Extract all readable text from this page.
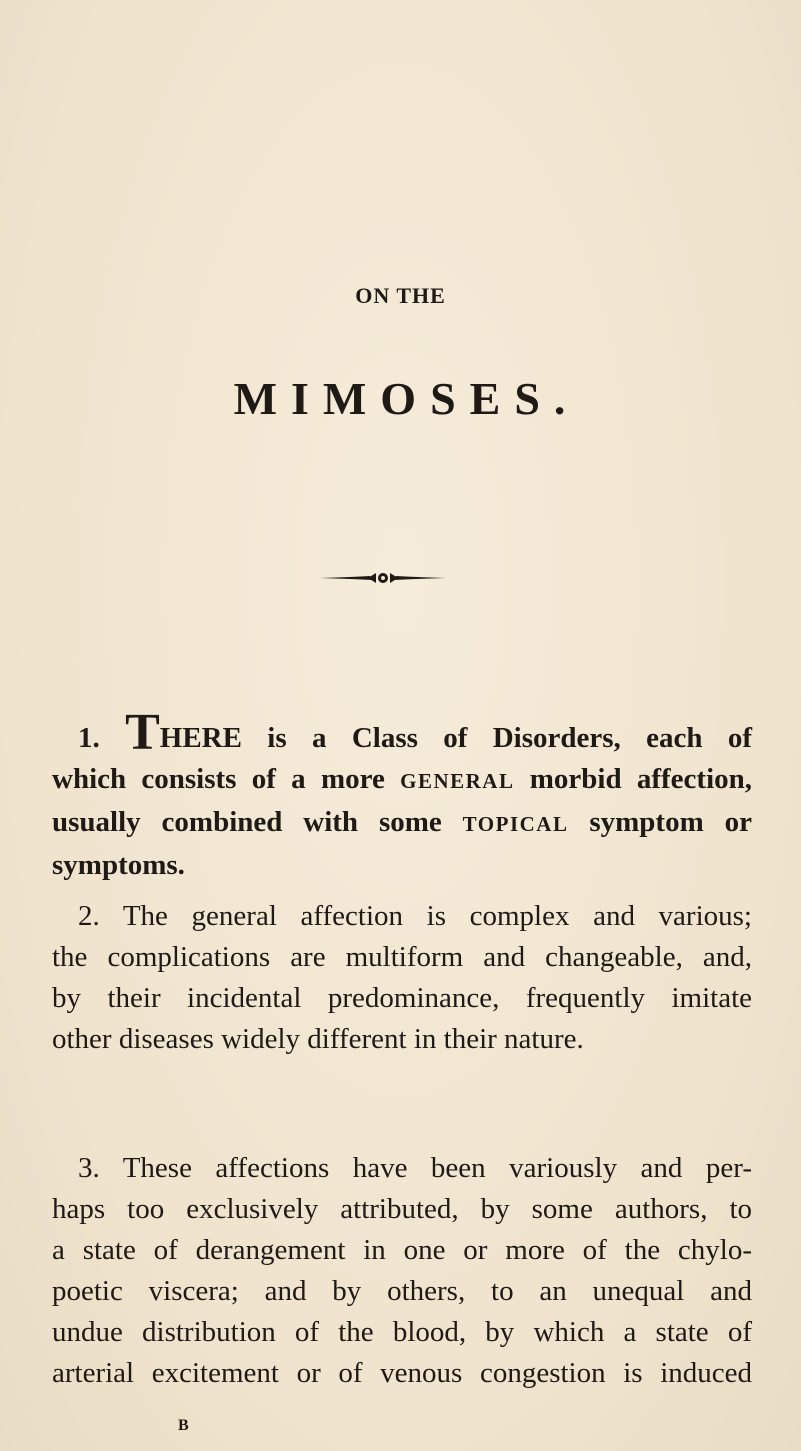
ON THE
MIMOSES.
1. THERE is a Class of Disorders, each of
which consists of a more GENERAL morbid affection,
usually combined with some TOPICAL symptom or
symptoms.
2. The general affection is complex and various;
the complications are multiform and changeable, and,
by their incidental predominance, frequently imitate
other diseases widely different in their nature.
3. These affections have been variously and per-
haps too exclusively attributed, by some authors, to
a state of derangement in one or more of the chylo-
poetic viscera; and by others, to an unequal and
undue distribution of the blood, by which a state of
arterial excitement or of venous congestion is induced
B
